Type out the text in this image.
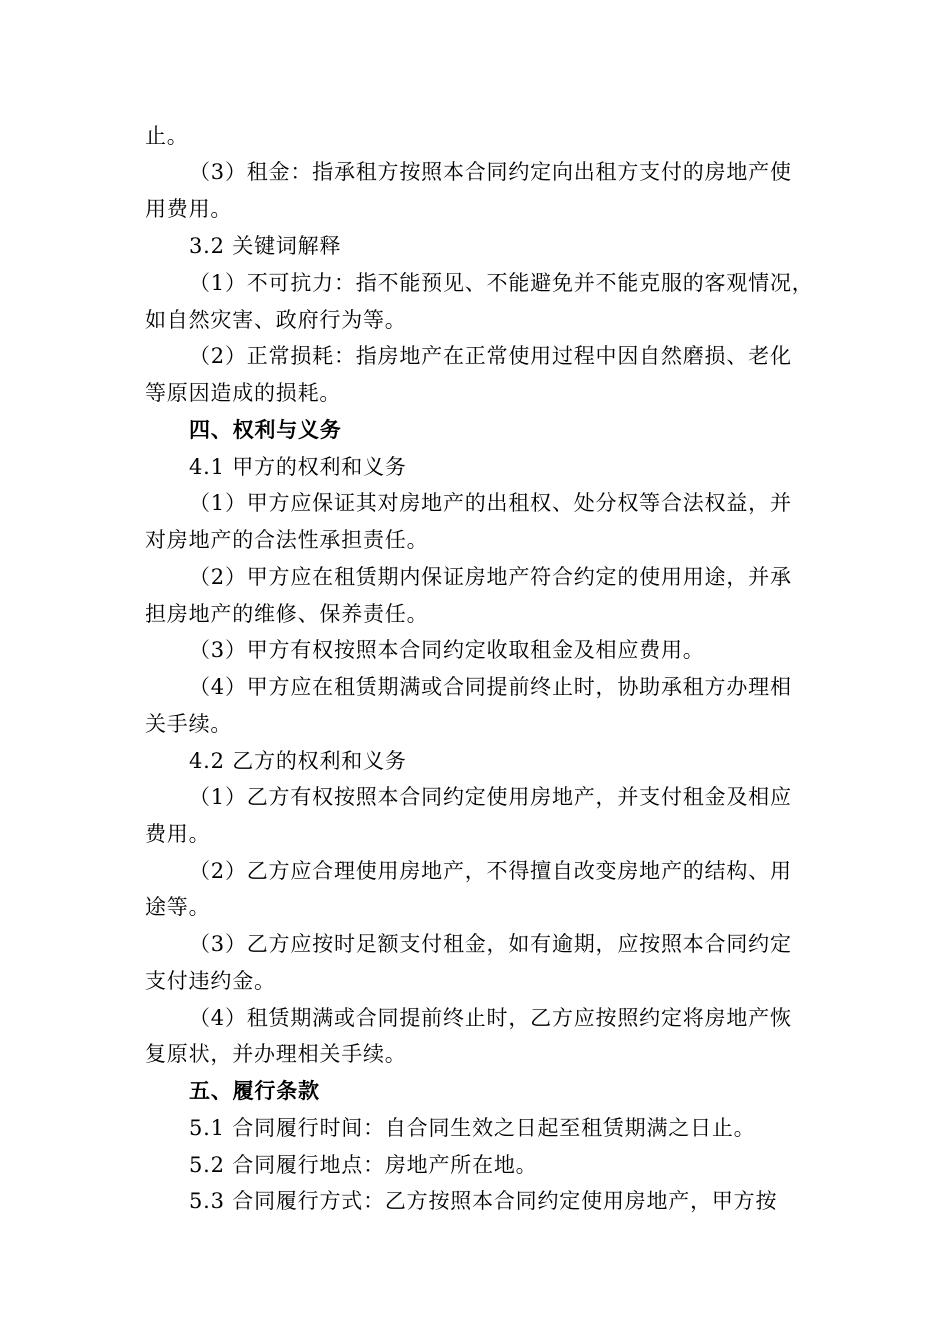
止。
（3）租金：指承租方按照本合同约定向出租方支付的房地产使
用费用。
3.2 关键词解释
（1）不可抗力：指不能预见、不能避免并不能克服的客观情况，
如自然灾害、政府行为等。
（2）正常损耗：指房地产在正常使用过程中因自然磨损、老化
等原因造成的损耗。
四、权利与义务
4.1 甲方的权利和义务
（1）甲方应保证其对房地产的出租权、处分权等合法权益，并
对房地产的合法性承担责任。
（2）甲方应在租赁期内保证房地产符合约定的使用用途，并承
担房地产的维修、保养责任。
（3）甲方有权按照本合同约定收取租金及相应费用。
（4）甲方应在租赁期满或合同提前终止时，协助承租方办理相
关手续。
4.2 乙方的权利和义务
（1）乙方有权按照本合同约定使用房地产，并支付租金及相应
费用。
（2）乙方应合理使用房地产，不得擅自改变房地产的结构、用
途等。
（3）乙方应按时足额支付租金，如有逾期，应按照本合同约定
支付违约金。
（4）租赁期满或合同提前终止时，乙方应按照约定将房地产恢
复原状，并办理相关手续。
五、履行条款
5.1 合同履行时间：自合同生效之日起至租赁期满之日止。
5.2 合同履行地点：房地产所在地。
5.3 合同履行方式：乙方按照本合同约定使用房地产，甲方按
